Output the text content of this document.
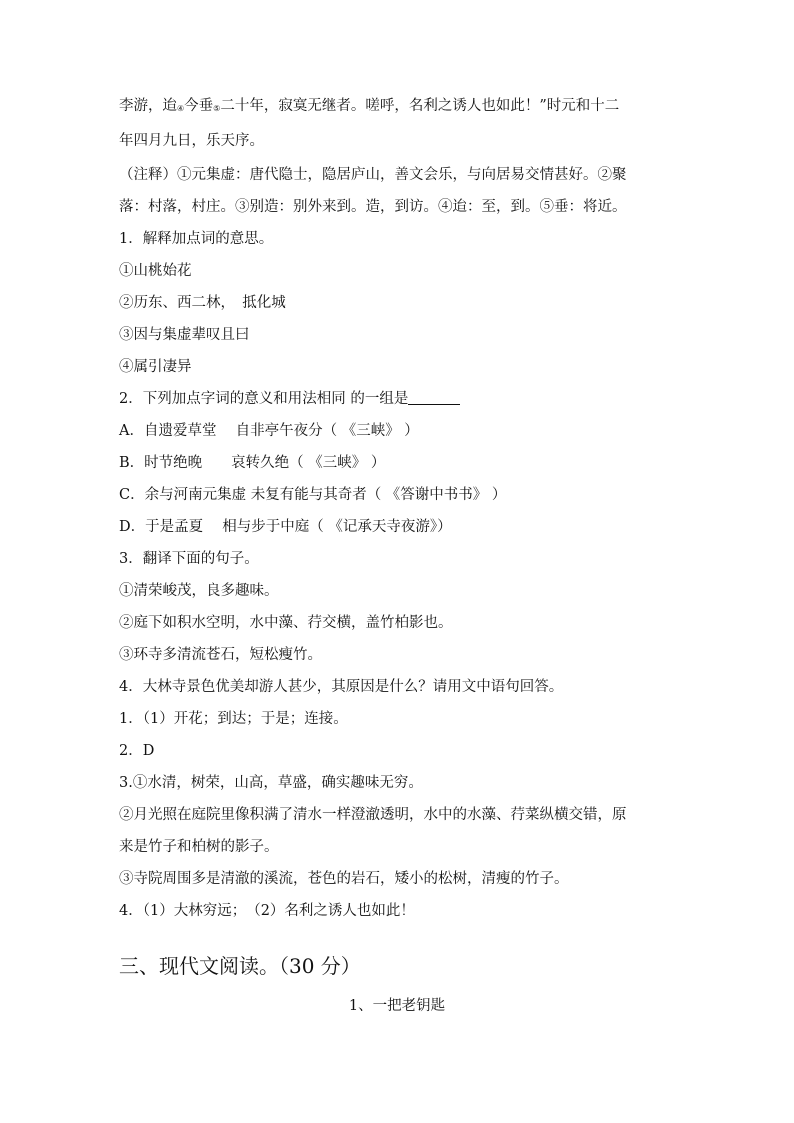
李游，迨$_④$今垂$_⑤$二十年，寂寞无继者。嗟呼，名利之诱人也如此！”时元和十二

年四月九日，乐天序。

（注释）①元集虚：唐代隐士，隐居庐山，善文会乐，与向居易交情甚好。②聚

落：村落，村庄。③别造：别外来到。造，到访。④迨：至，到。⑤垂：将近。

1．解释加点词的意思。

①山桃始花

②历东、西二林，　抵化城

③因与集虚辈叹且曰

④属引凄异

2．下列加点字词的意义和用法相同 的一组是

A．自遗爱草堂　 自非亭午夜分（ 《三峡》 ）

B．时节绝晚　　哀转久绝（ 《三峡》 ）

C．余与河南元集虚 未复有能与其奇者（ 《答谢中书书》 ）

D．于是孟夏　 相与步于中庭（ 《记承天寺夜游》）

3．翻译下面的句子。

①清荣峻茂，良多趣味。

②庭下如积水空明，水中藻、荇交横，盖竹柏影也。

③环寺多清流苍石，短松瘦竹。

4．大林寺景色优美却游人甚少，其原因是什么？请用文中语句回答。

1．（1）开花；到达；于是；连接。

2．D

3.①水清，树荣，山高，草盛，确实趣味无穷。

②月光照在庭院里像积满了清水一样澄澈透明，水中的水藻、荇菜纵横交错，原

来是竹子和柏树的影子。

③寺院周围多是清澈的溪流，苍色的岩石，矮小的松树，清瘦的竹子。

4．（1）大林穷远；　（2）名利之诱人也如此！

三、现代文阅读。（30 分）
1、一把老钥匙
